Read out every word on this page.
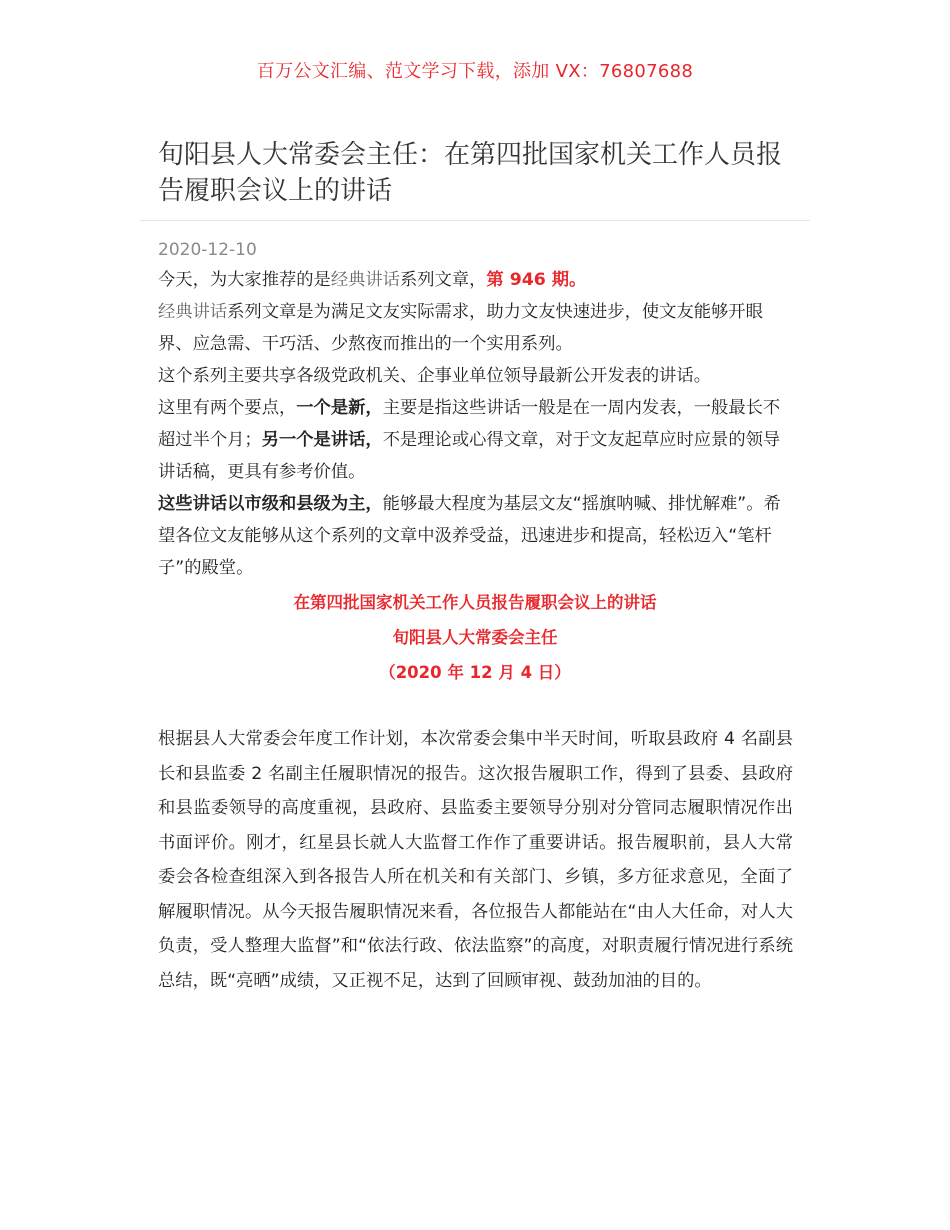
百万公文汇编、范文学习下载，添加 VX：76807688
旬阳县人大常委会主任：在第四批国家机关工作人员报告履职会议上的讲话
2020-12-10

今天，为大家推荐的是经典讲话系列文章，第 946 期。

经典讲话系列文章是为满足文友实际需求，助力文友快速进步，使文友能够开眼界、应急需、干巧活、少熬夜而推出的一个实用系列。

这个系列主要共享各级党政机关、企事业单位领导最新公开发表的讲话。

这里有两个要点，一个是新，主要是指这些讲话一般是在一周内发表，一般最长不超过半个月；另一个是讲话，不是理论或心得文章，对于文友起草应时应景的领导讲话稿，更具有参考价值。

这些讲话以市级和县级为主，能够最大程度为基层文友“摇旗呐喊、排忧解难”。希望各位文友能够从这个系列的文章中汲养受益，迅速进步和提高，轻松迈入“笔杆子”的殿堂。

在第四批国家机关工作人员报告履职会议上的讲话
旬阳县人大常委会主任
（2020 年 12 月 4 日）
根据县人大常委会年度工作计划，本次常委会集中半天时间，听取县政府 4 名副县长和县监委 2 名副主任履职情况的报告。这次报告履职工作，得到了县委、县政府和县监委领导的高度重视，县政府、县监委主要领导分别对分管同志履职情况作出书面评价。刚才，红星县长就人大监督工作作了重要讲话。报告履职前，县人大常委会各检查组深入到各报告人所在机关和有关部门、乡镇，多方征求意见，全面了解履职情况。从今天报告履职情况来看，各位报告人都能站在“由人大任命，对人大负责，受人整理大监督”和“依法行政、依法监察”的高度，对职责履行情况进行系统总结，既“亮晒”成绩，又正视不足，达到了回顾审视、鼓劲加油的目的。
